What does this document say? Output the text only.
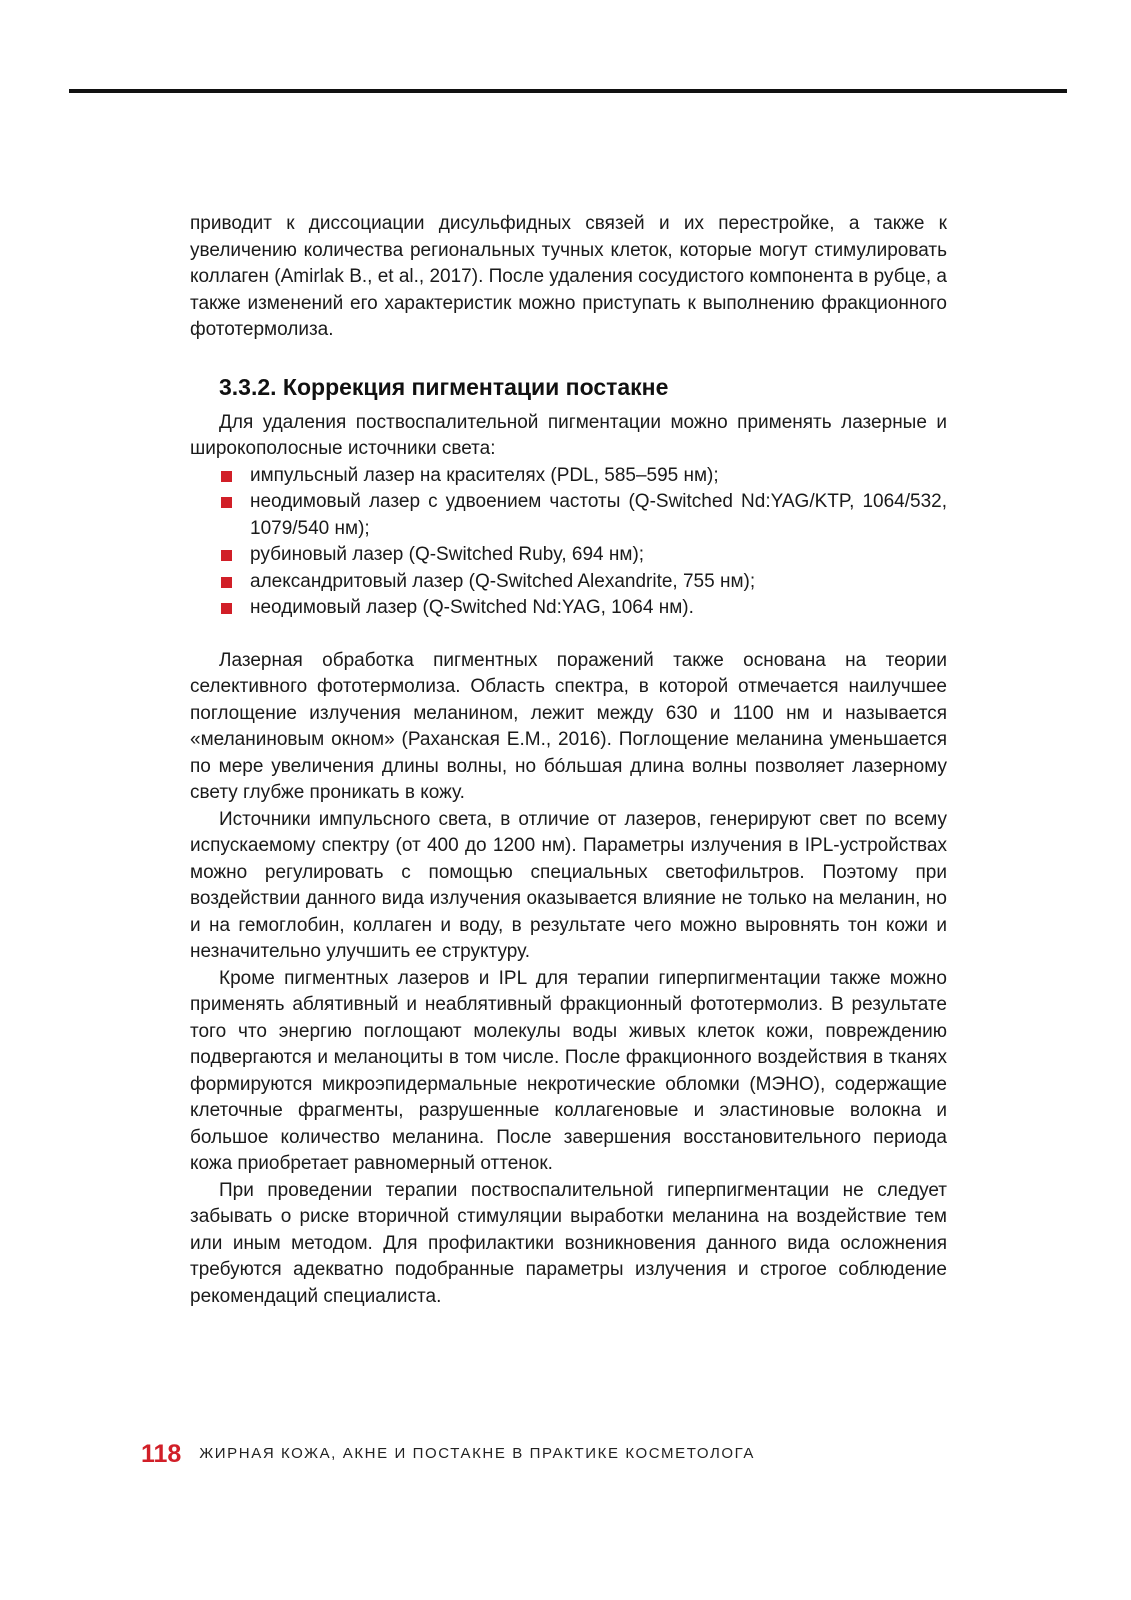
приводит к диссоциации дисульфидных связей и их перестройке, а также к увеличению количества региональных тучных клеток, которые могут стимулировать коллаген (Amirlak B., et al., 2017). После удаления сосудистого компонента в рубце, а также изменений его характеристик можно приступать к выполнению фракционного фототермолиза.

3.3.2. Коррекция пигментации постакне

Для удаления поствоспалительной пигментации можно применять лазерные и широкополосные источники света:

импульсный лазер на красителях (PDL, 585–595 нм);
неодимовый лазер с удвоением частоты (Q-Switched Nd:YAG/KTP, 1064/532, 1079/540 нм);
рубиновый лазер (Q-Switched Ruby, 694 нм);
александритовый лазер (Q-Switched Alexandrite, 755 нм);
неодимовый лазер (Q-Switched Nd:YAG, 1064 нм).

Лазерная обработка пигментных поражений также основана на теории селективного фототермолиза. Область спектра, в которой отмечается наилучшее поглощение излучения меланином, лежит между 630 и 1100 нм и называется «меланиновым окном» (Раханская Е.М., 2016). Поглощение меланина уменьшается по мере увеличения длины волны, но бóльшая длина волны позволяет лазерному свету глубже проникать в кожу.

Источники импульсного света, в отличие от лазеров, генерируют свет по всему испускаемому спектру (от 400 до 1200 нм). Параметры излучения в IPL-устройствах можно регулировать с помощью специальных светофильтров. Поэтому при воздействии данного вида излучения оказывается влияние не только на меланин, но и на гемоглобин, коллаген и воду, в результате чего можно выровнять тон кожи и незначительно улучшить ее структуру.

Кроме пигментных лазеров и IPL для терапии гиперпигментации также можно применять аблятивный и неаблятивный фракционный фототермолиз. В результате того что энергию поглощают молекулы воды живых клеток кожи, повреждению подвергаются и меланоциты в том числе. После фракционного воздействия в тканях формируются микроэпидермальные некротические обломки (МЭНО), содержащие клеточные фрагменты, разрушенные коллагеновые и эластиновые волокна и большое количество меланина. После завершения восстановительного периода кожа приобретает равномерный оттенок.

При проведении терапии поствоспалительной гиперпигментации не следует забывать о риске вторичной стимуляции выработки меланина на воздействие тем или иным методом. Для профилактики возникновения данного вида осложнения требуются адекватно подобранные параметры излучения и строгое соблюдение рекомендаций специалиста.

118 ЖИРНАЯ КОЖА, АКНЕ И ПОСТАКНЕ В ПРАКТИКЕ КОСМЕТОЛОГА
